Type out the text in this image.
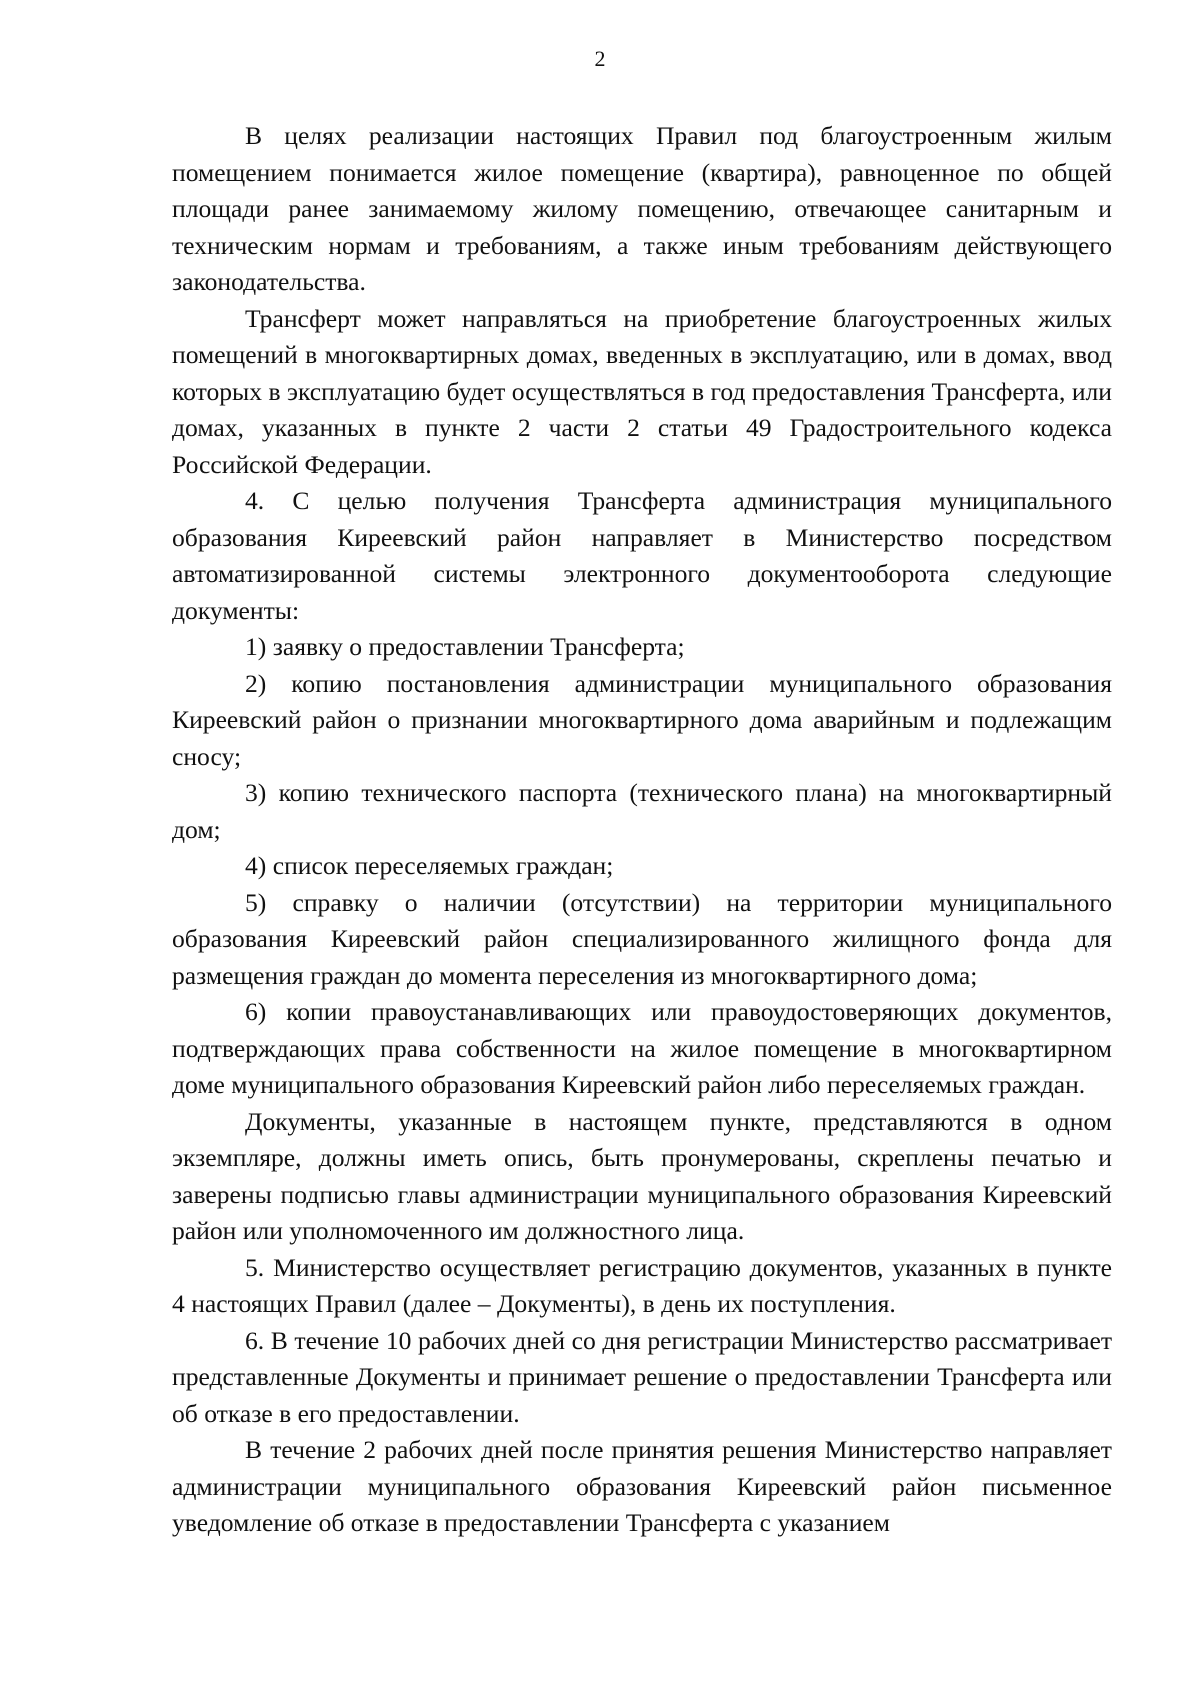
2

В целях реализации настоящих Правил под благоустроенным жилым помещением понимается жилое помещение (квартира), равноценное по общей площади ранее занимаемому жилому помещению, отвечающее санитарным и техническим нормам и требованиям, а также иным требованиям действующего законодательства.

Трансферт может направляться на приобретение благоустроенных жилых помещений в многоквартирных домах, введенных в эксплуатацию, или в домах, ввод которых в эксплуатацию будет осуществляться в год предоставления Трансферта, или домах, указанных в пункте 2 части 2 статьи 49 Градостроительного кодекса Российской Федерации.

4. С целью получения Трансферта администрация муниципального образования Киреевский район направляет в Министерство посредством автоматизированной системы электронного документооборота следующие документы:

1) заявку о предоставлении Трансферта;

2) копию постановления администрации муниципального образования Киреевский район о признании многоквартирного дома аварийным и подлежащим сносу;

3) копию технического паспорта (технического плана) на многоквартирный дом;

4) список переселяемых граждан;

5) справку о наличии (отсутствии) на территории муниципального образования Киреевский район специализированного жилищного фонда для размещения граждан до момента переселения из многоквартирного дома;

6) копии правоустанавливающих или правоудостоверяющих документов, подтверждающих права собственности на жилое помещение в многоквартирном доме муниципального образования Киреевский район либо переселяемых граждан.

Документы, указанные в настоящем пункте, представляются в одном экземпляре, должны иметь опись, быть пронумерованы, скреплены печатью и заверены подписью главы администрации муниципального образования Киреевский район или уполномоченного им должностного лица.

5. Министерство осуществляет регистрацию документов, указанных в пункте 4 настоящих Правил (далее – Документы), в день их поступления.

6. В течение 10 рабочих дней со дня регистрации Министерство рассматривает представленные Документы и принимает решение о предоставлении Трансферта или об отказе в его предоставлении.

В течение 2 рабочих дней после принятия решения Министерство направляет администрации муниципального образования Киреевский район письменное уведомление об отказе в предоставлении Трансферта с указанием
